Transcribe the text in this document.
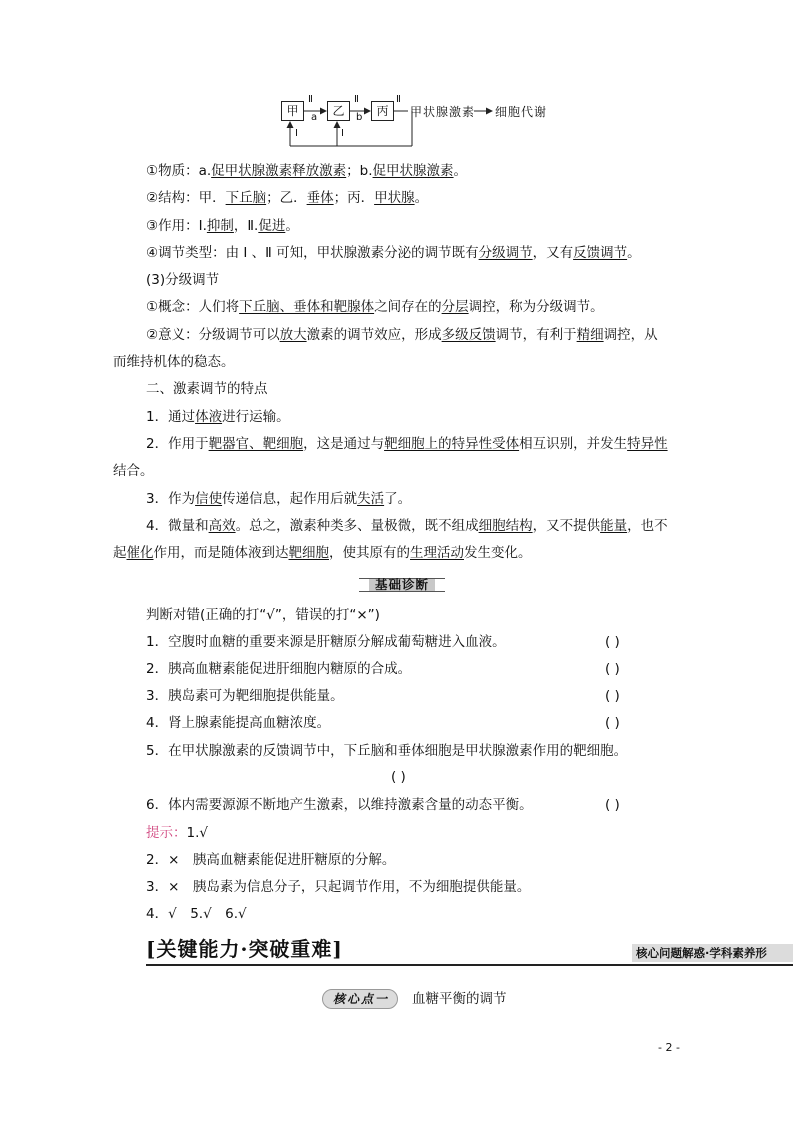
甲	乙	丙
Ⅱ
a
Ⅱ
b
Ⅱ
甲状腺激素 细胞代谢
Ⅰ	Ⅰ
①物质：a.促甲状腺激素释放激素；b.促甲状腺激素。
②结构：甲．下丘脑；乙．垂体；丙．甲状腺。
③作用：Ⅰ.抑制，Ⅱ.促进。
④调节类型：由 Ⅰ 、Ⅱ 可知，甲状腺激素分泌的调节既有分级调节，又有反馈调节。
(3)分级调节
①概念：人们将下丘脑、垂体和靶腺体之间存在的分层调控，称为分级调节。
②意义：分级调节可以放大激素的调节效应，形成多级反馈调节，有利于精细调控，从
而维持机体的稳态。
二、激素调节的特点
1．通过体液进行运输。
2．作用于靶器官、靶细胞，这是通过与靶细胞上的特异性受体相互识别，并发生特异性
结合。
3．作为信使传递信息，起作用后就失活了。
4．微量和高效。总之，激素种类多、量极微，既不组成细胞结构，又不提供能量，也不
起催化作用，而是随体液到达靶细胞，使其原有的生理活动发生变化。
基础诊断
判断对错(正确的打“√”，错误的打“×”)
1．空腹时血糖的重要来源是肝糖原分解成葡萄糖进入血液。	( )
2．胰高血糖素能促进肝细胞内糖原的合成。	( )
3．胰岛素可为靶细胞提供能量。	( )
4．肾上腺素能提高血糖浓度。	( )
5．在甲状腺激素的反馈调节中，下丘脑和垂体细胞是甲状腺激素作用的靶细胞。
( )
6．体内需要源源不断地产生激素，以维持激素含量的动态平衡。	( )
提示：1.√
2．×　胰高血糖素能促进肝糖原的分解。
3．×　胰岛素为信息分子，只起调节作用，不为细胞提供能量。
4．√　5.√　6.√
[关键能力·突破重难]	核心问题解惑·学科素养形
核心点一	血糖平衡的调节
- 2 -
